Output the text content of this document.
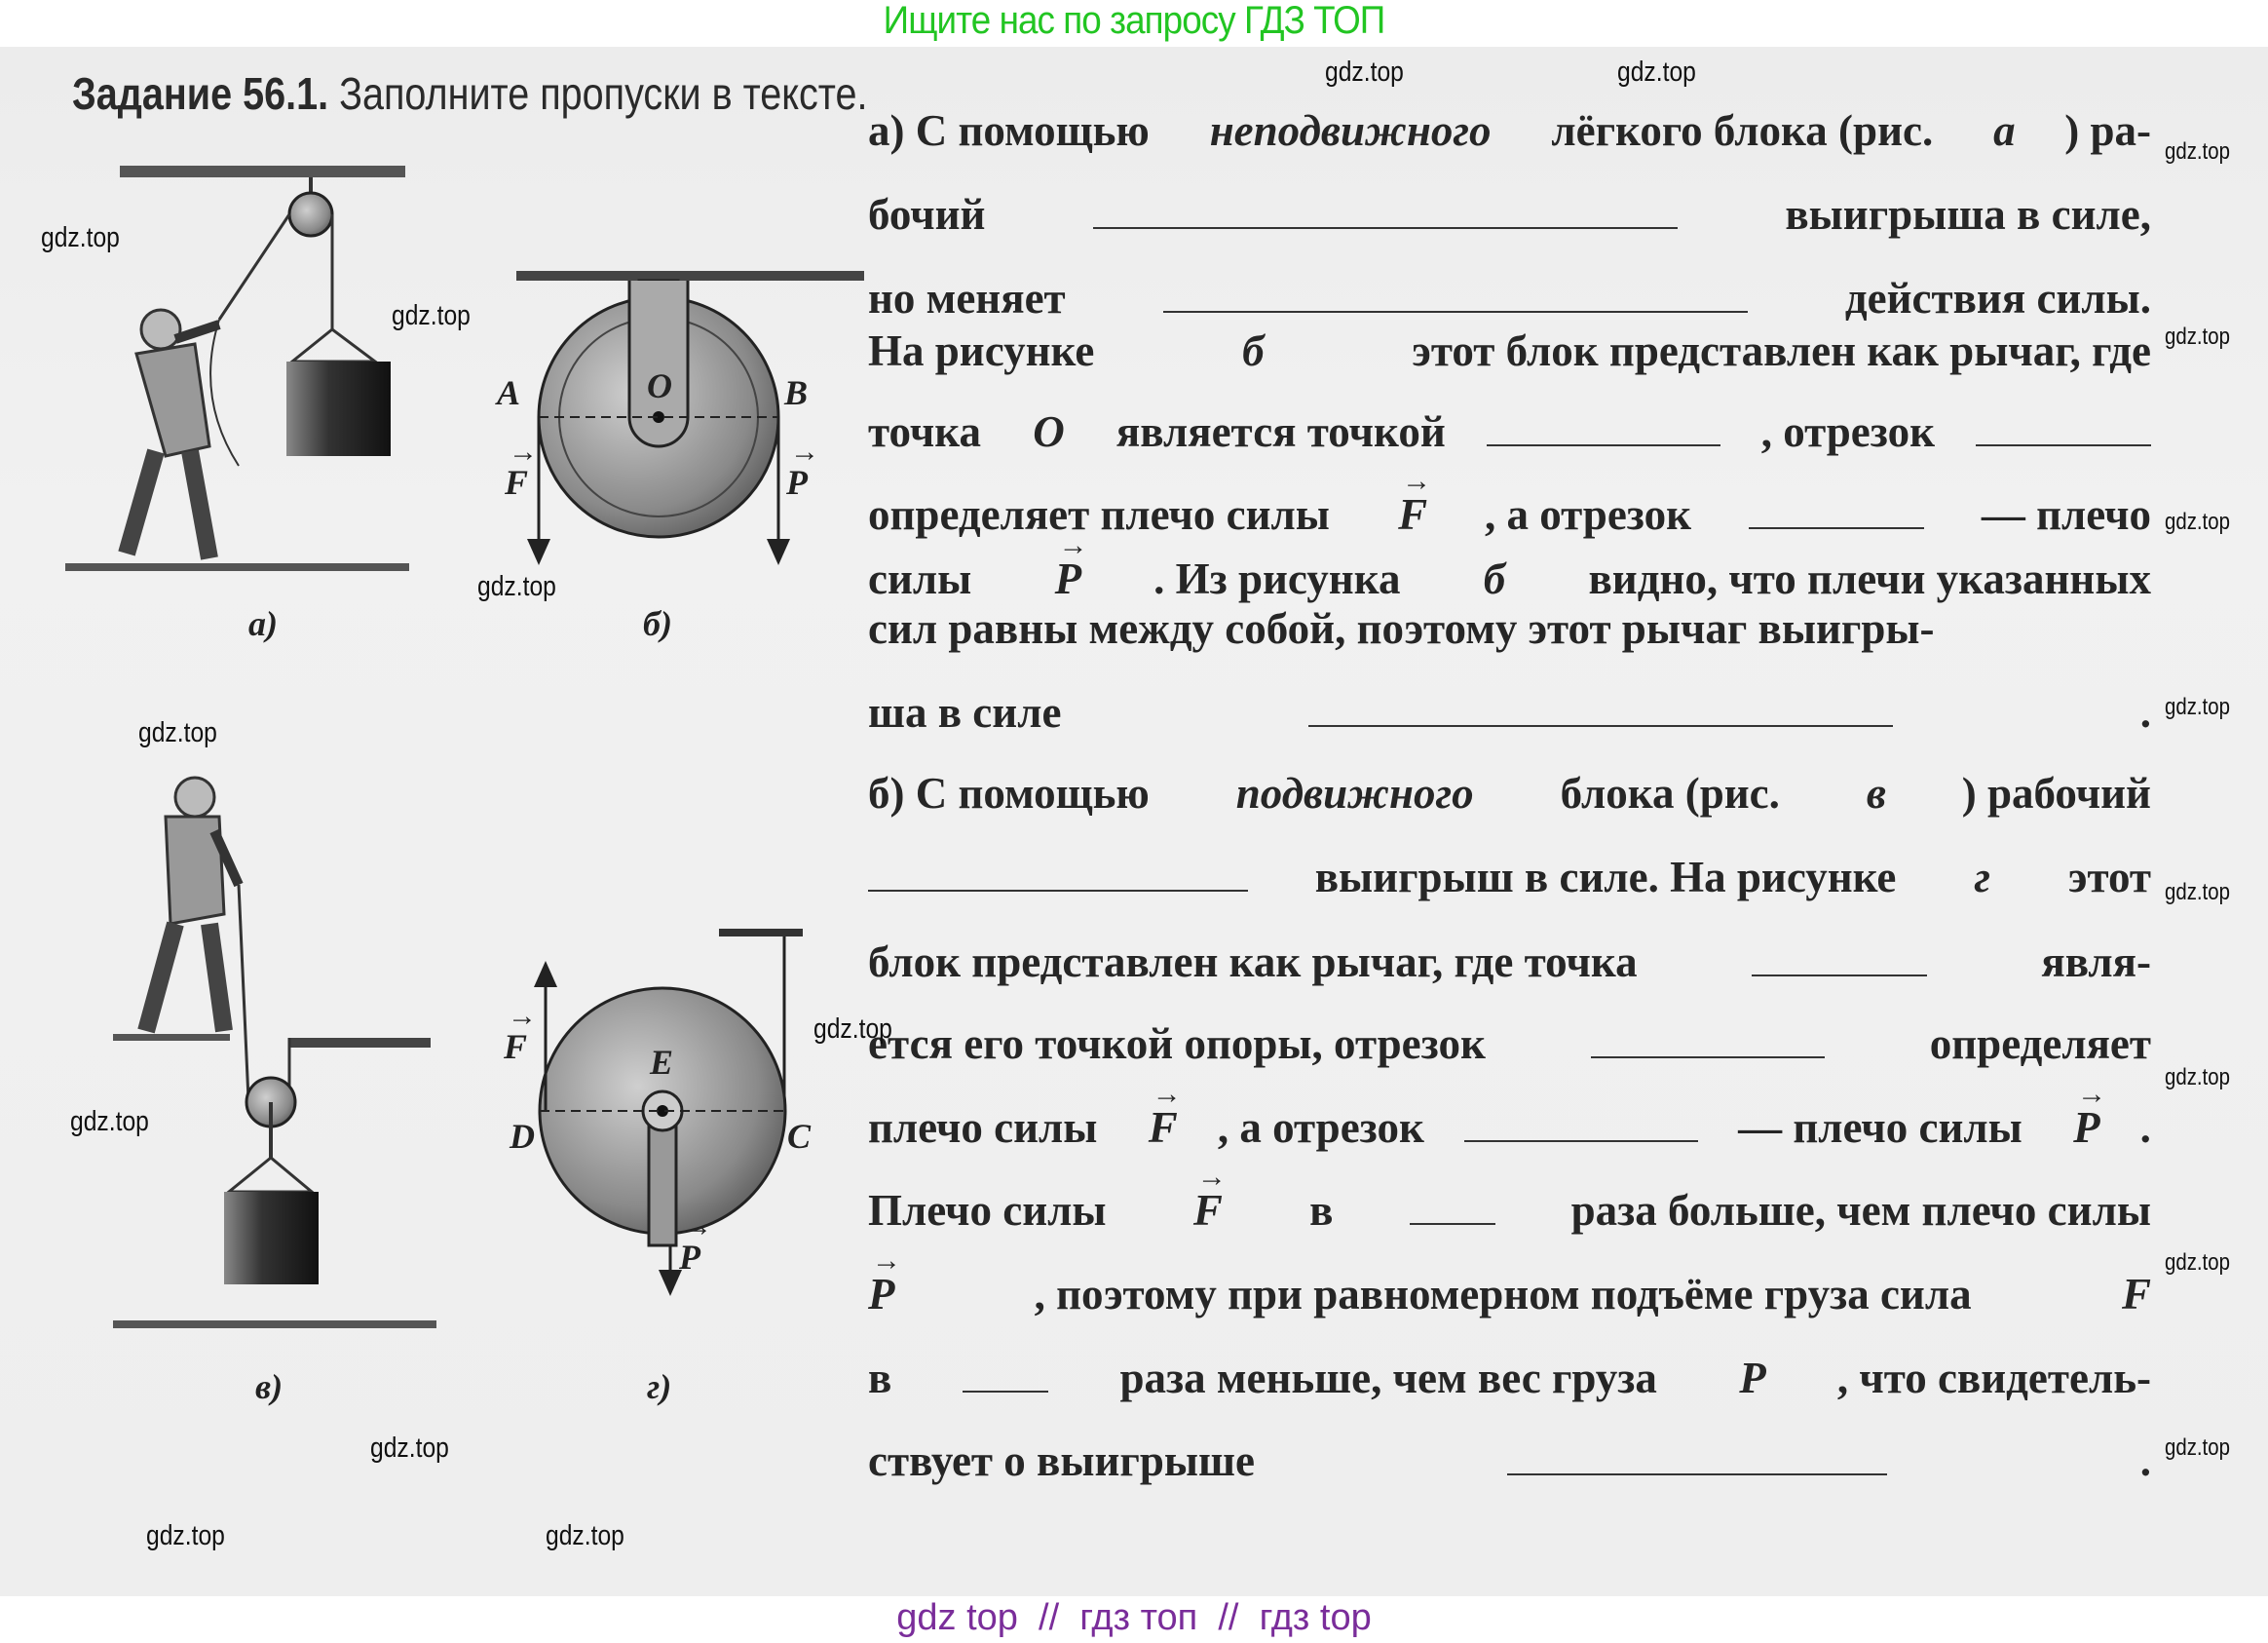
Ищите нас по запросу ГДЗ ТОП
Задание 56.1. Заполните пропуски в тексте.
а)	б)
A	O	B
→ F	→ P
в)	г)
D
E
C
→ F
→ P
а) С помощью неподвижного лёгкого блока (рис. а ) ра-
бочий	выигрыша в силе,
но меняет	действия силы.
На рисунке	б	этот блок представлен как рычаг, где
точка O является точкой	, отрезок
определяет плечо силы → F , а отрезок	— плечо
силы → P . Из рисунка б видно, что плечи указанных
сил равны между собой, поэтому этот рычаг выигры-
ша в силе	.
б) С помощью подвижного блока (рис. в ) рабочий
выигрыш в силе. На рисунке г этот
блок представлен как рычаг, где точка	явля-
ется его точкой опоры, отрезок	определяет
плечо силы → F , а отрезок	— плечо силы → P .
Плечо силы → F в	раза больше, чем плечо силы
→ P	, поэтому при равномерном подъёме груза сила	F
в	раза меньше, чем вес груза P , что свидетель-
ствует о выигрыше	.
gdz.top	gdz.top
gdz.top
gdz.top
gdz.top
gdz.top
gdz.top
gdz.top
gdz.top
gdz.top
gdz.top
gdz.top
gdz.top
gdz.top
gdz.top
gdz.top
gdz.top
gdz.top
gdz.top
gdz top  //  гдз топ  //  гдз top
